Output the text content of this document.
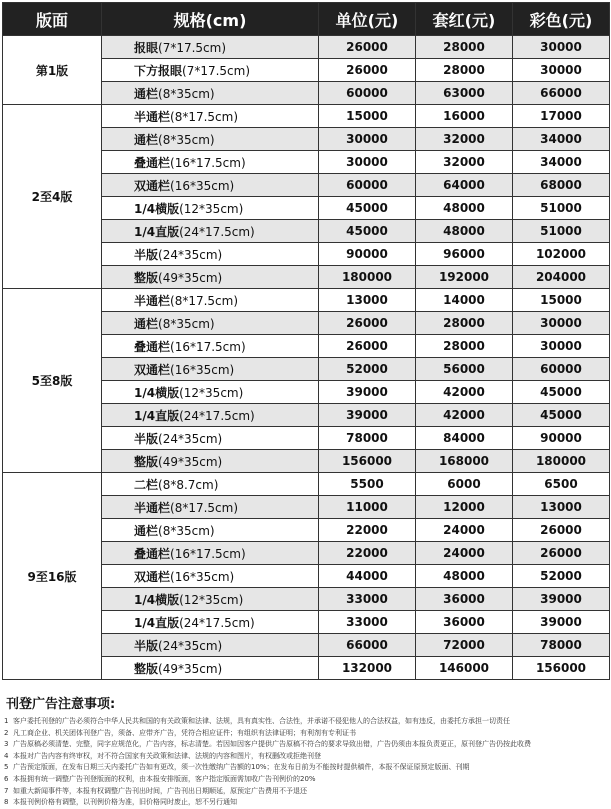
版面	规格(cm)	单位(元)	套红(元)	彩色(元)
第1版	报眼(7*17.5cm)	26000	28000	30000
	下方报眼(7*17.5cm)	26000	28000	30000
	通栏(8*35cm)	60000	63000	66000
2至4版	半通栏(8*17.5cm)	15000	16000	17000
	通栏(8*35cm)	30000	32000	34000
	叠通栏(16*17.5cm)	30000	32000	34000
	双通栏(16*35cm)	60000	64000	68000
	1/4横版(12*35cm)	45000	48000	51000
	1/4直版(24*17.5cm)	45000	48000	51000
	半版(24*35cm)	90000	96000	102000
	整版(49*35cm)	180000	192000	204000
5至8版	半通栏(8*17.5cm)	13000	14000	15000
	通栏(8*35cm)	26000	28000	30000
	叠通栏(16*17.5cm)	26000	28000	30000
	双通栏(16*35cm)	52000	56000	60000
	1/4横版(12*35cm)	39000	42000	45000
	1/4直版(24*17.5cm)	39000	42000	45000
	半版(24*35cm)	78000	84000	90000
	整版(49*35cm)	156000	168000	180000
9至16版	二栏(8*8.7cm)	5500	6000	6500
	半通栏(8*17.5cm)	11000	12000	13000
	通栏(8*35cm)	22000	24000	26000
	叠通栏(16*17.5cm)	22000	24000	26000
	双通栏(16*35cm)	44000	48000	52000
	1/4横版(12*35cm)	33000	36000	39000
	1/4直版(24*17.5cm)	33000	36000	39000
	半版(24*35cm)	66000	72000	78000
	整版(49*35cm)	132000	146000	156000
刊登广告注意事项:
1 客户委托刊登的广告必须符合中华人民共和国的有关政策和法律、法规，具有真实性、合法性，并承诺不侵犯他人的合法权益，如有违反，由委托方承担一切责任
2 凡工商企业、机关团体刊登广告，须备、应带齐广告，凭符合相应证件；有组织有法律证明；有利剂有专利证书
3 广告原稿必须清楚、完整，同字应规范化，广告内容，标志清楚。若因如因客户提供广告原稿不符合的要求导致出错，广告仍须由本报负责更正，原刊登广告仍按此收费
4 本报对广告内容有终审权，对不符合国家有关政策和法律、法规的内容和图片，有权删改或拒绝刊登
5 广告预定版面，在发布日期三天内委托广告如有更改，须一次性缴纳广告额的10%；在发布日前为不能按时提供稿件，本报不保证原预定版面、刊期
6 本报拥有统一调整广告刊登版面的权利，由本报安排版面，客户指定版面需加收广告刊例价的20%
7 如重大新闻事件等，本报有权调整广告刊出时间，广告刊出日期顺延，原预定广告费用不予退还
8 本报刊例价格有调整，以刊例价格为准，旧价格同时废止，恕不另行通知
